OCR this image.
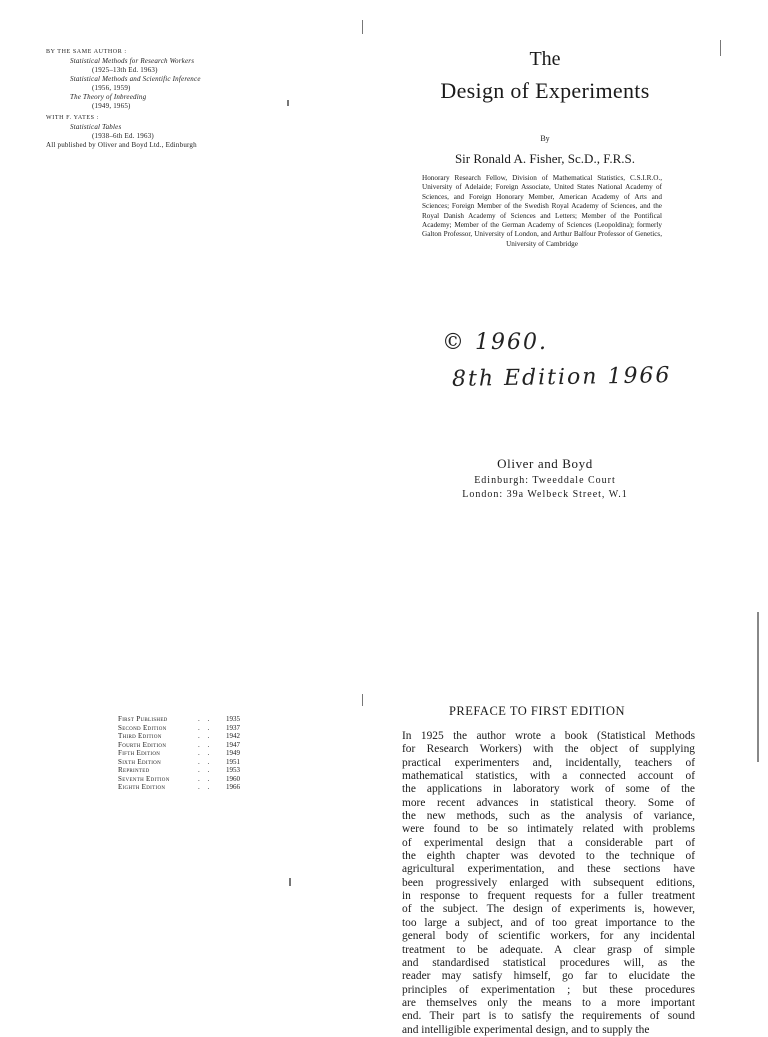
BY THE SAME AUTHOR :
Statistical Methods for Research Workers
(1925–13th Ed. 1963)
Statistical Methods and Scientific Inference
(1956, 1959)
The Theory of Inbreeding
(1949, 1965)
WITH F. YATES :
Statistical Tables
(1938–6th Ed. 1963)
All published by Oliver and Boyd Ltd., Edinburgh
The
Design of Experiments
By
Sir Ronald A. Fisher, Sc.D., F.R.S.
Honorary Research Fellow, Division of Mathematical Statistics, C.S.I.R.O., University of Adelaide; Foreign Associate, United States National Academy of Sciences, and Foreign Honorary Member, American Academy of Arts and Sciences; Foreign Member of the Swedish Royal Academy of Sciences, and the Royal Danish Academy of Sciences and Letters; Member of the Pontifical Academy; Member of the German Academy of Sciences (Leopoldina); formerly Galton Professor, University of London, and Arthur Balfour Professor of Genetics, University of Cambridge
© 1960.
8th Edition 1966
Oliver and Boyd
Edinburgh: Tweeddale Court
London: 39a Welbeck Street, W.1
First Published	. . 1935
Second Edition	. . 1937
Third Edition	. . 1942
Fourth Edition	. . 1947
Fifth Edition	. . 1949
Sixth Edition	. . 1951
Reprinted	. . 1953
Seventh Edition	. . 1960
Eighth Edition	. . 1966
PREFACE TO FIRST EDITION
In 1925 the author wrote a book (Statistical Methods
for Research Workers) with the object of supplying
practical experimenters and, incidentally, teachers of
mathematical statistics, with a connected account of
the applications in laboratory work of some of the
more recent advances in statistical theory. Some of
the new methods, such as the analysis of variance,
were found to be so intimately related with problems
of experimental design that a considerable part of
the eighth chapter was devoted to the technique of
agricultural experimentation, and these sections have
been progressively enlarged with subsequent editions,
in response to frequent requests for a fuller treatment
of the subject. The design of experiments is, however,
too large a subject, and of too great importance to the
general body of scientific workers, for any incidental
treatment to be adequate. A clear grasp of simple
and standardised statistical procedures will, as the
reader may satisfy himself, go far to elucidate the
principles of experimentation ; but these procedures
are themselves only the means to a more important
end. Their part is to satisfy the requirements of sound
and intelligible experimental design, and to supply the
